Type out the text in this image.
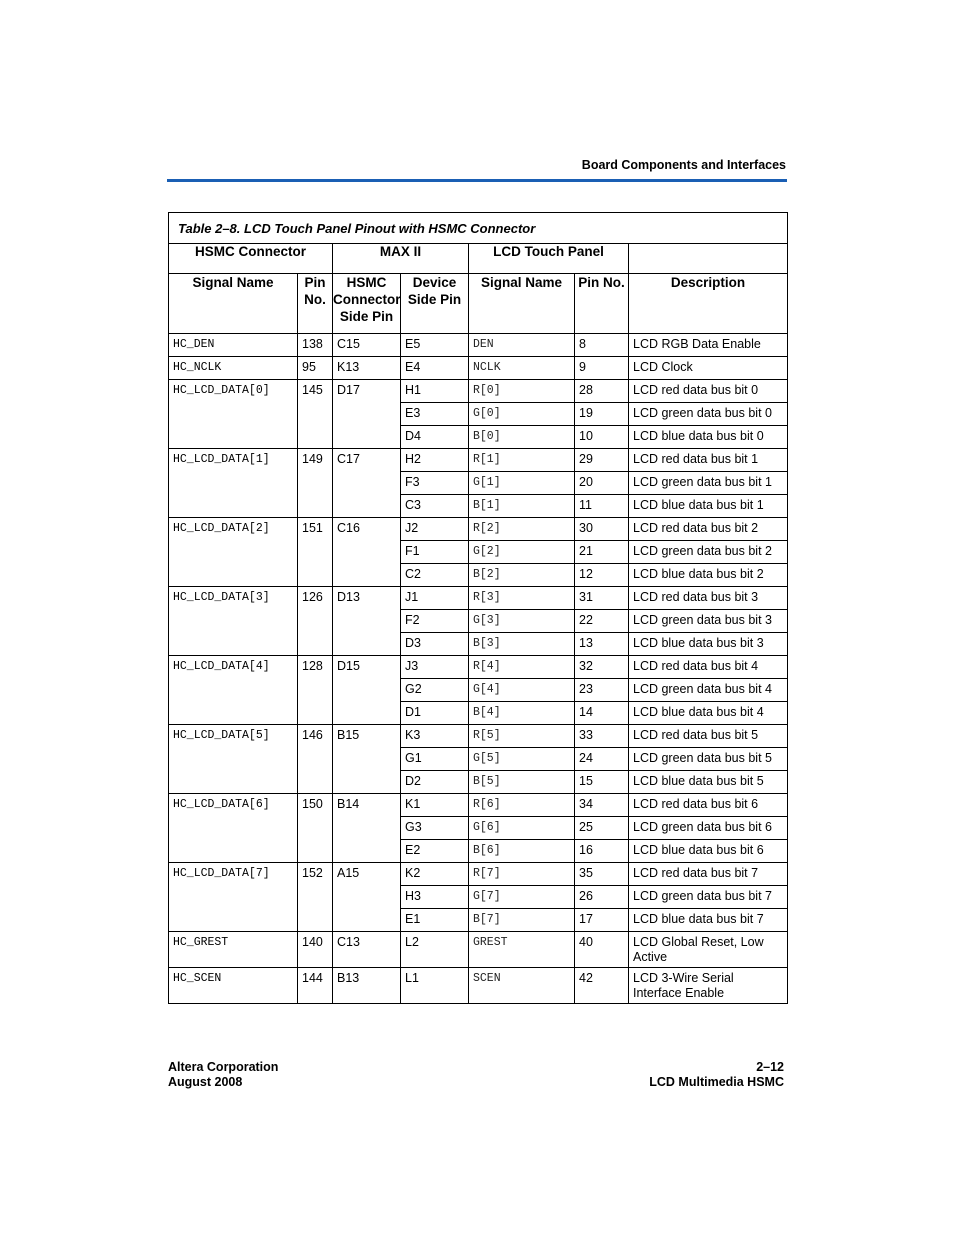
Board Components and Interfaces
Table 2–8. LCD Touch Panel Pinout with HSMC Connector						
HSMC Connector		MAX II		LCD Touch Panel		
Signal Name	Pin No.	HSMC Connector Side Pin	Device Side Pin	Signal Name	Pin No.	Description
HC_DEN	138	C15	E5	DEN	8	LCD RGB Data Enable
HC_NCLK	95	K13	E4	NCLK	9	LCD Clock
HC_LCD_DATA[0]	145	D17	H1	R[0]	28	LCD red data bus bit 0
			E3	G[0]	19	LCD green data bus bit 0
			D4	B[0]	10	LCD blue data bus bit 0
HC_LCD_DATA[1]	149	C17	H2	R[1]	29	LCD red data bus bit 1
			F3	G[1]	20	LCD green data bus bit 1
			C3	B[1]	11	LCD blue data bus bit 1
HC_LCD_DATA[2]	151	C16	J2	R[2]	30	LCD red data bus bit 2
			F1	G[2]	21	LCD green data bus bit 2
			C2	B[2]	12	LCD blue data bus bit 2
HC_LCD_DATA[3]	126	D13	J1	R[3]	31	LCD red data bus bit 3
			F2	G[3]	22	LCD green data bus bit 3
			D3	B[3]	13	LCD blue data bus bit 3
HC_LCD_DATA[4]	128	D15	J3	R[4]	32	LCD red data bus bit 4
			G2	G[4]	23	LCD green data bus bit 4
			D1	B[4]	14	LCD blue data bus bit 4
HC_LCD_DATA[5]	146	B15	K3	R[5]	33	LCD red data bus bit 5
			G1	G[5]	24	LCD green data bus bit 5
			D2	B[5]	15	LCD blue data bus bit 5
HC_LCD_DATA[6]	150	B14	K1	R[6]	34	LCD red data bus bit 6
			G3	G[6]	25	LCD green data bus bit 6
			E2	B[6]	16	LCD blue data bus bit 6
HC_LCD_DATA[7]	152	A15	K2	R[7]	35	LCD red data bus bit 7
			H3	G[7]	26	LCD green data bus bit 7
			E1	B[7]	17	LCD blue data bus bit 7
HC_GREST	140	C13	L2	GREST	40	LCD Global Reset, Low Active
HC_SCEN	144	B13	L1	SCEN	42	LCD 3-Wire Serial Interface Enable
Altera Corporation
August 2008
2–12
LCD Multimedia HSMC
